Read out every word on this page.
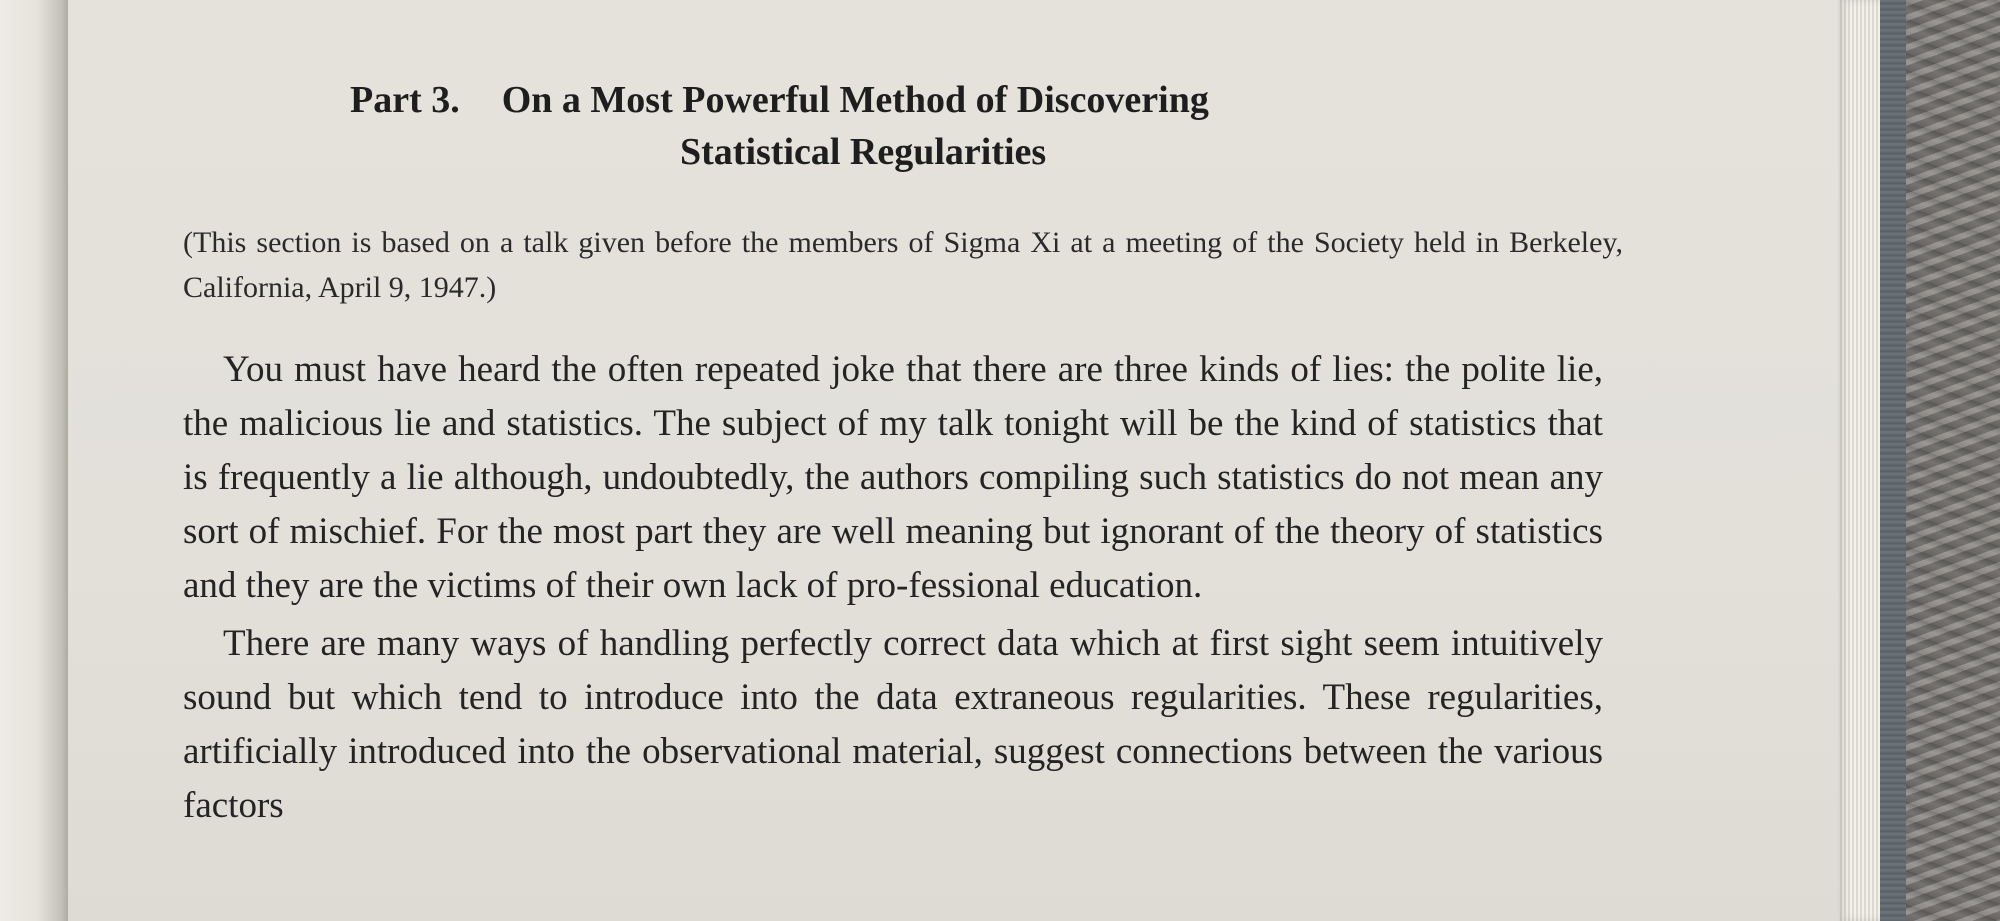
Part 3. On a Most Powerful Method of Discovering
Statistical Regularities
(This section is based on a talk given before the members of Sigma Xi at a meeting of the Society held in Berkeley, California, April 9, 1947.)

You must have heard the often repeated joke that there are three kinds of lies: the polite lie, the malicious lie and statistics. The subject of my talk tonight will be the kind of statistics that is frequently a lie although, undoubtedly, the authors compiling such statistics do not mean any sort of mischief. For the most part they are well meaning but ignorant of the theory of statistics and they are the victims of their own lack of pro-fessional education.

There are many ways of handling perfectly correct data which at first sight seem intuitively sound but which tend to introduce into the data extraneous regularities. These regularities, artificially introduced into the observational material, suggest connections between the various factors
